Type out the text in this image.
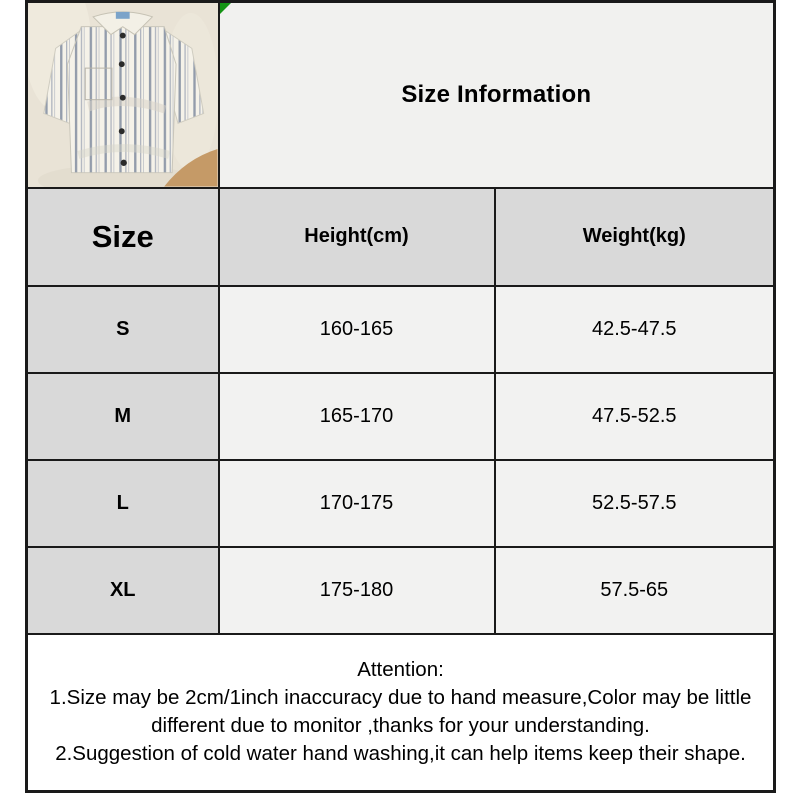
Size Information	
Size	Height(cm)	Weight(kg)
S	160-165	42.5-47.5
M	165-170	47.5-52.5
L	170-175	52.5-57.5
XL	175-180	57.5-65

Attention:
1.Size may be 2cm/1inch inaccuracy due to hand measure,Color may be little different due to monitor ,thanks for your understanding.
2.Suggestion of cold water hand washing,it can help items keep their shape.		
